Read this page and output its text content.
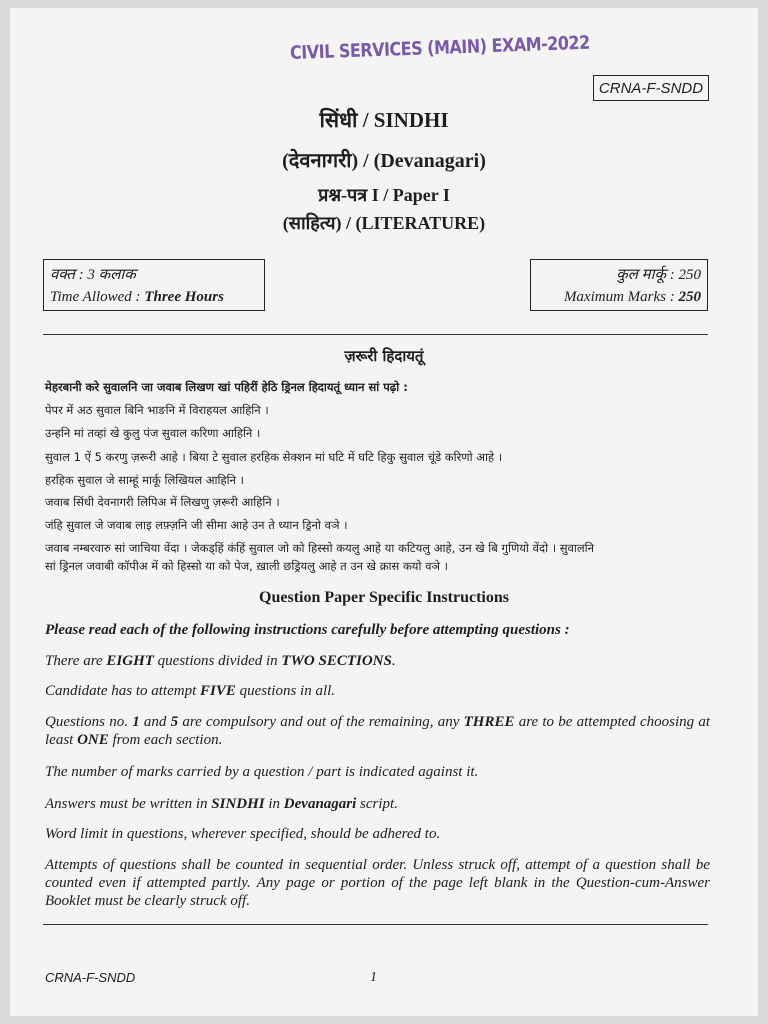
CIVIL SERVICES (MAIN) EXAM-2022
CRNA-F-SNDD
सिंधी / SINDHI
(देवनागरी) / (Devanagari)
प्रश्न-पत्र I / Paper I
(साहित्य) / (LITERATURE)
वक्त : 3 कलाक
Time Allowed : Three Hours
कुल मार्कू : 250
Maximum Marks : 250
ज़रूरी हिदायतूं
मेहरबानी करे सुवालनि जा जवाब लिखण खां पहिरीं हेठि ड्रिनल हिदायतूं ध्यान सां पढ़ो :
पेपर में अठ सुवाल बिनि भाङनि में विराहयल आहिनि ।
उन्हनि मां तव्हां खे कुलु पंज सुवाल करिणा आहिनि ।
सुवाल 1 ऐं 5 करणु ज़रूरी आहे । बिया टे सुवाल हरहिक सेक्शन मां घटि में घटि हिकु सुवाल चूंडे करिणो आहे ।
हरहिक सुवाल जे साम्हूं मार्कू लिखियल आहिनि ।
जवाब सिंधी देवनागरी लिपिअ में लिखणु ज़रूरी आहिनि ।
जंहि सुवाल जे जवाब लाइ लफ़्ज़नि जी सीमा आहे उन ते ध्यान ड्रिनो वञे ।
जवाब नम्बरवारु सां जाचिया वेंदा । जेकड्हिं कंहिं सुवाल जो को हिस्सो कयलु आहे या कटियलु आहे, उन खे बि गुणियो वेंदो । सुवालनि
सां ड्रिनल जवाबी कॉपीअ में को हिस्सो या को पेज, ख़ाली छड्रियलु आहे त उन खे क्रास कयो वञे ।
Question Paper Specific Instructions
Please read each of the following instructions carefully before attempting questions :
There are EIGHT questions divided in TWO SECTIONS.
Candidate has to attempt FIVE questions in all.
Questions no. 1 and 5 are compulsory and out of the remaining, any THREE are to be attempted choosing at least ONE from each section.
The number of marks carried by a question / part is indicated against it.
Answers must be written in SINDHI in Devanagari script.
Word limit in questions, wherever specified, should be adhered to.
Attempts of questions shall be counted in sequential order. Unless struck off, attempt of a question shall be counted even if attempted partly. Any page or portion of the page left blank in the Question-cum-Answer Booklet must be clearly struck off.
CRNA-F-SNDD	1
